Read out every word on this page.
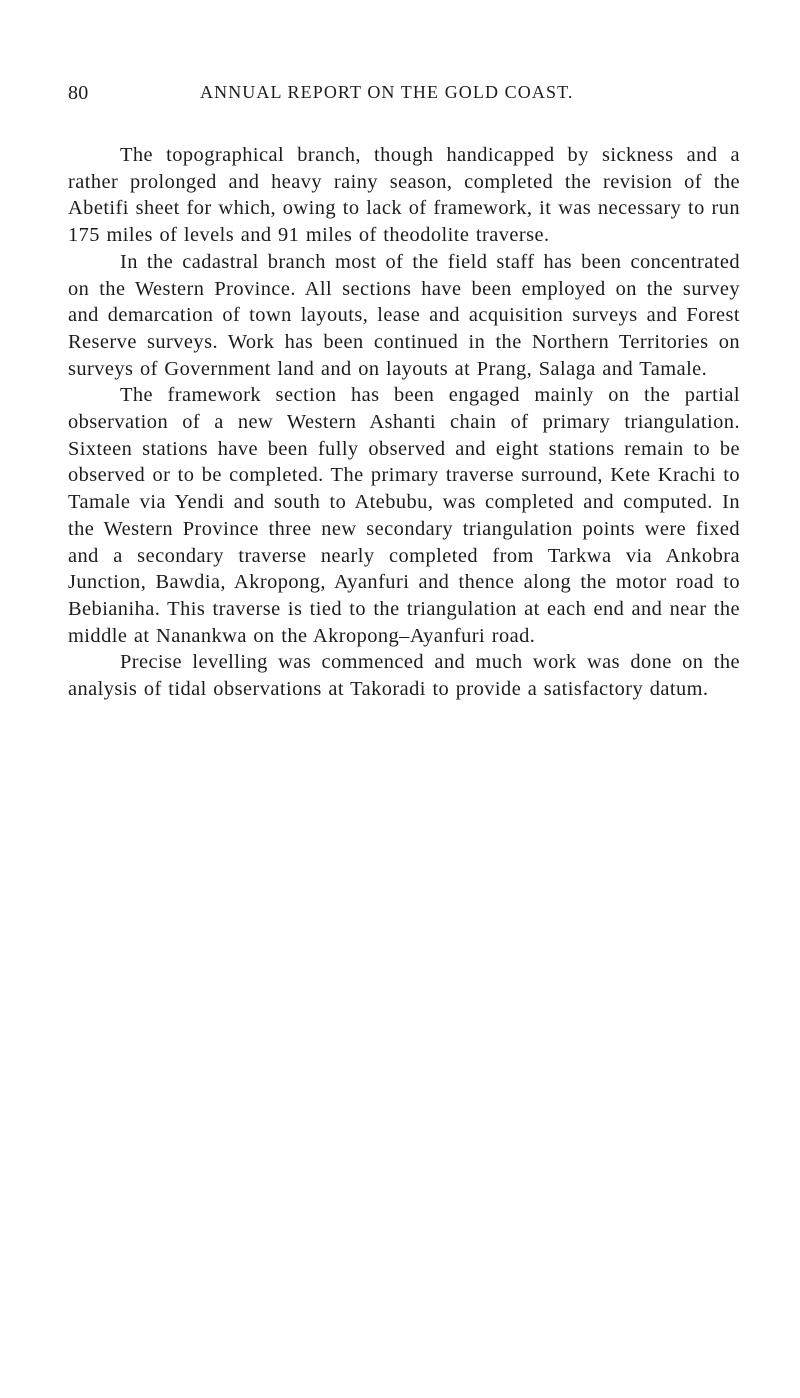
80	ANNUAL REPORT ON THE GOLD COAST.

The topographical branch, though handicapped by sickness and a rather prolonged and heavy rainy season, completed the revision of the Abetifi sheet for which, owing to lack of framework, it was necessary to run 175 miles of levels and 91 miles of theodolite traverse.

In the cadastral branch most of the field staff has been concentrated on the Western Province. All sections have been employed on the survey and demarcation of town layouts, lease and acquisition surveys and Forest Reserve surveys. Work has been continued in the Northern Territories on surveys of Government land and on layouts at Prang, Salaga and Tamale.

The framework section has been engaged mainly on the partial observation of a new Western Ashanti chain of primary triangulation. Sixteen stations have been fully observed and eight stations remain to be observed or to be completed. The primary traverse surround, Kete Krachi to Tamale via Yendi and south to Atebubu, was completed and computed. In the Western Province three new secondary triangulation points were fixed and a secondary traverse nearly completed from Tarkwa via Ankobra Junction, Bawdia, Akropong, Ayanfuri and thence along the motor road to Bebianiha. This traverse is tied to the triangulation at each end and near the middle at Nanankwa on the Akropong–Ayanfuri road.

Precise levelling was commenced and much work was done on the analysis of tidal observations at Takoradi to provide a satisfactory datum.
